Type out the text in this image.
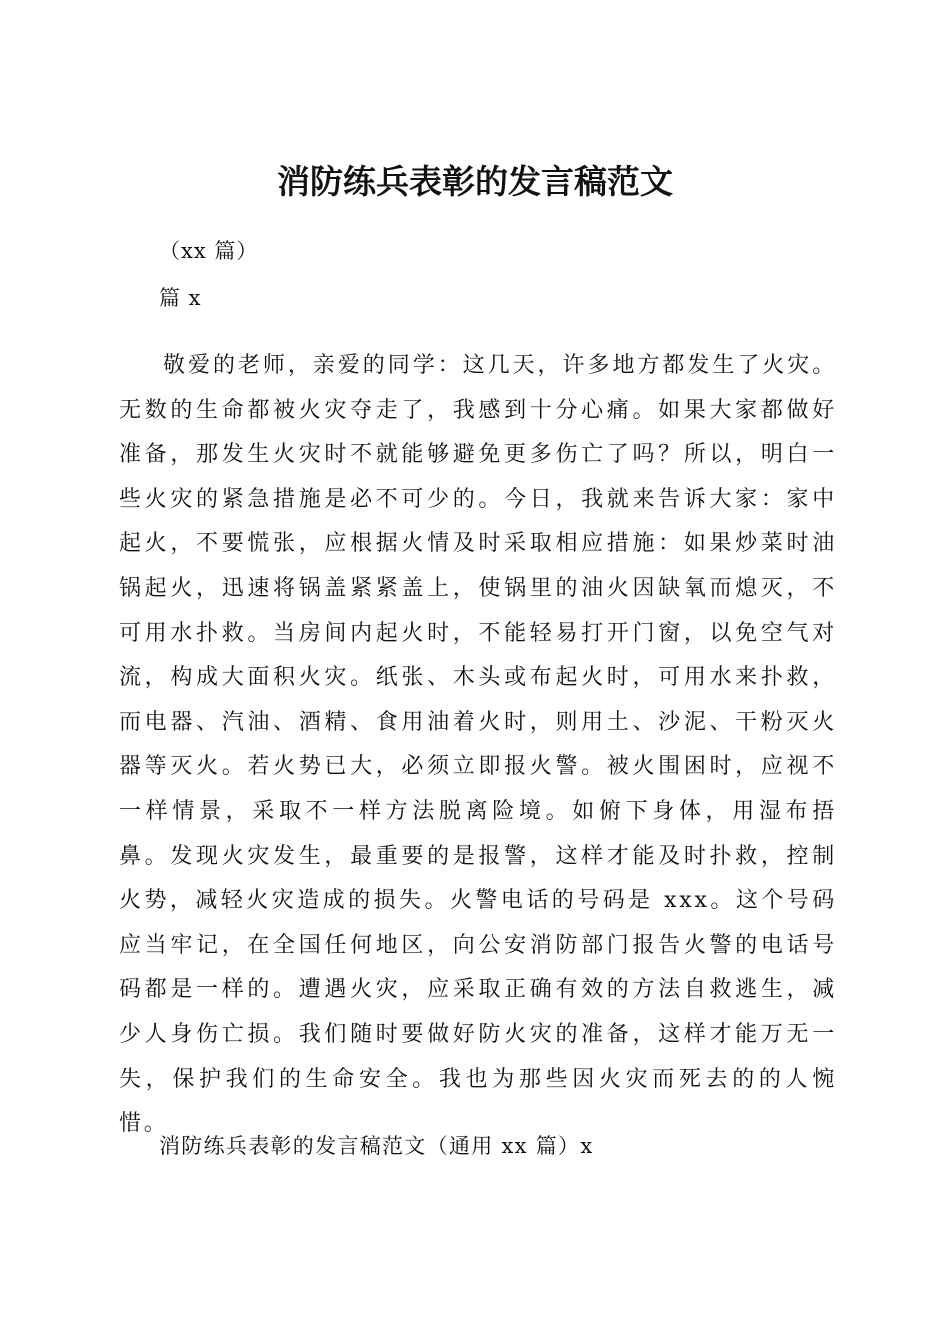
消防练兵表彰的发言稿范文
（xx 篇）
篇 x

敬爱的老师，亲爱的同学：这几天，许多地方都发生了火灾。无数的生命都被火灾夺走了，我感到十分心痛。如果大家都做好准备，那发生火灾时不就能够避免更多伤亡了吗？所以，明白一些火灾的紧急措施是必不可少的。今日，我就来告诉大家：家中起火，不要慌张，应根据火情及时采取相应措施：如果炒菜时油锅起火，迅速将锅盖紧紧盖上，使锅里的油火因缺氧而熄灭，不可用水扑救。当房间内起火时，不能轻易打开门窗，以免空气对流，构成大面积火灾。纸张、木头或布起火时，可用水来扑救，而电器、汽油、酒精、食用油着火时，则用土、沙泥、干粉灭火器等灭火。若火势已大，必须立即报火警。被火围困时，应视不一样情景，采取不一样方法脱离险境。如俯下身体，用湿布捂鼻。发现火灾发生，最重要的是报警，这样才能及时扑救，控制火势，减轻火灾造成的损失。火警电话的号码是 xxx。这个号码应当牢记，在全国任何地区，向公安消防部门报告火警的电话号码都是一样的。遭遇火灾，应采取正确有效的方法自救逃生，减少人身伤亡损。我们随时要做好防火灾的准备，这样才能万无一失，保护我们的生命安全。我也为那些因火灾而死去的的人惋惜。

消防练兵表彰的发言稿范文（通用 xx 篇）x
